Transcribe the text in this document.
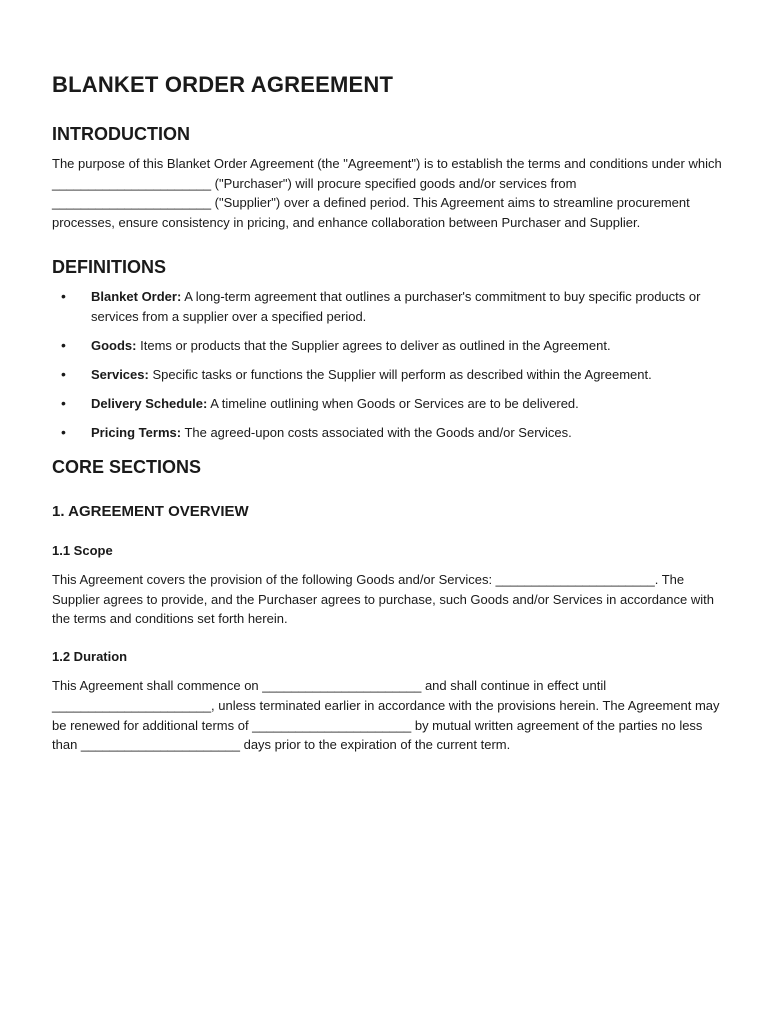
BLANKET ORDER AGREEMENT
INTRODUCTION

The purpose of this Blanket Order Agreement (the "Agreement") is to establish the terms and conditions under which ______________________ ("Purchaser") will procure specified goods and/or services from ______________________ ("Supplier") over a defined period. This Agreement aims to streamline procurement processes, ensure consistency in pricing, and enhance collaboration between Purchaser and Supplier.

DEFINITIONS
• Blanket Order: A long-term agreement that outlines a purchaser's commitment to buy specific products or services from a supplier over a specified period.
• Goods: Items or products that the Supplier agrees to deliver as outlined in the Agreement.
• Services: Specific tasks or functions the Supplier will perform as described within the Agreement.
• Delivery Schedule: A timeline outlining when Goods or Services are to be delivered.
• Pricing Terms: The agreed-upon costs associated with the Goods and/or Services.
CORE SECTIONS
1. AGREEMENT OVERVIEW
1.1 Scope

This Agreement covers the provision of the following Goods and/or Services: ______________________. The Supplier agrees to provide, and the Purchaser agrees to purchase, such Goods and/or Services in accordance with the terms and conditions set forth herein.

1.2 Duration

This Agreement shall commence on ______________________ and shall continue in effect until ______________________, unless terminated earlier in accordance with the provisions herein. The Agreement may be renewed for additional terms of ______________________ by mutual written agreement of the parties no less than ______________________ days prior to the expiration of the current term.
